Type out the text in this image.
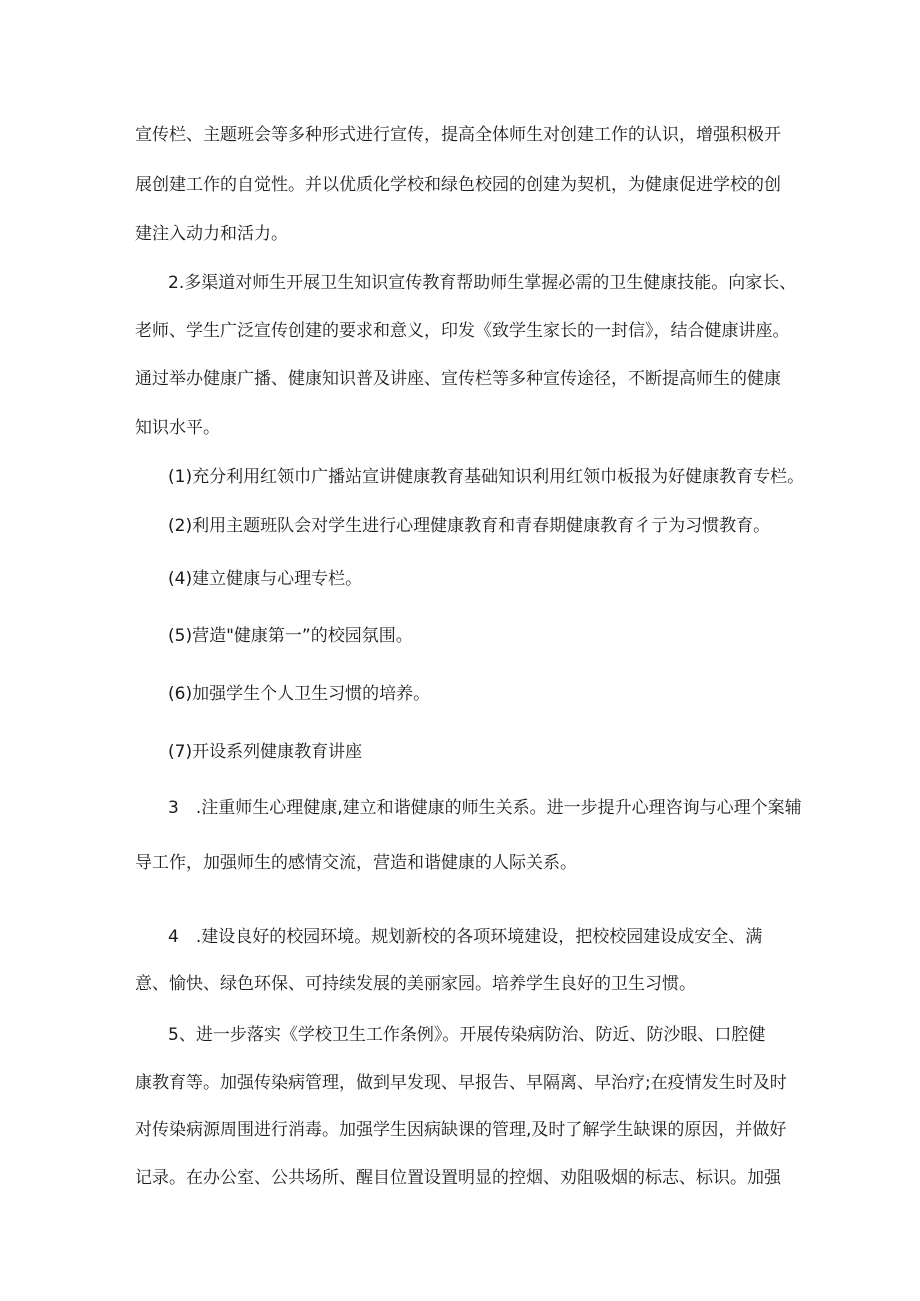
宣传栏、主题班会等多种形式进行宣传，提高全体师生对创建工作的认识，增强积极开
展创建工作的自觉性。并以优质化学校和绿色校园的创建为契机，为健康促进学校的创
建注入动力和活力。
2.多渠道对师生开展卫生知识宣传教育帮助师生掌握必需的卫生健康技能。向家长、
老师、学生广泛宣传创建的要求和意义，印发《致学生家长的一封信》，结合健康讲座。
通过举办健康广播、健康知识普及讲座、宣传栏等多种宣传途径，不断提高师生的健康
知识水平。
(1)充分利用红领巾广播站宣讲健康教育基础知识利用红领巾板报为好健康教育专栏。
(2)利用主题班队会对学生进行心理健康教育和青春期健康教育彳亍为习惯教育。
(4)建立健康与心理专栏。
(5)营造"健康第一”的校园氛围。
(6)加强学生个人卫生习惯的培养。
(7)开设系列健康教育讲座
3 .注重师生心理健康,建立和谐健康的师生关系。进一步提升心理咨询与心理个案辅
导工作，加强师生的感情交流，营造和谐健康的人际关系。
4 .建设良好的校园环境。规划新校的各项环境建设，把校校园建设成安全、满
意、愉快、绿色环保、可持续发展的美丽家园。培养学生良好的卫生习惯。
5、进一步落实《学校卫生工作条例》。开展传染病防治、防近、防沙眼、口腔健
康教育等。加强传染病管理，做到早发现、早报告、早隔离、早治疗;在疫情发生时及时
对传染病源周围进行消毒。加强学生因病缺课的管理,及时了解学生缺课的原因，并做好
记录。在办公室、公共场所、醒目位置设置明显的控烟、劝阻吸烟的标志、标识。加强
